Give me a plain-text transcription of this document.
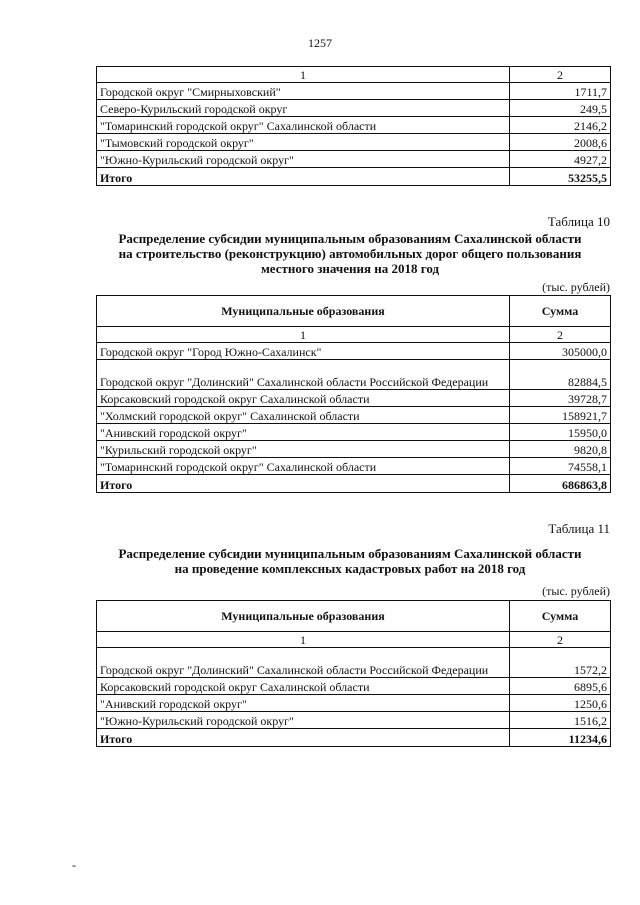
1257
1	2
Городской округ "Смирныховский"	1711,7
Северо-Курильский городской округ	249,5
"Томаринский городской округ" Сахалинской области	2146,2
"Тымовский городской округ"	2008,6
"Южно-Курильский городской округ"	4927,2
Итого	53255,5
Таблица 10
Распределение субсидии муниципальным образованиям Сахалинской области
на строительство (реконструкцию) автомобильных дорог общего пользования
местного значения на 2018 год
(тыс. рублей)
Муниципальные образования	Сумма
1	2
Городской округ "Город Южно-Сахалинск"	305000,0
Городской округ "Долинский" Сахалинской области Российской Федерации	82884,5
Корсаковский городской округ Сахалинской области	39728,7
"Холмский городской округ" Сахалинской области	158921,7
"Анивский городской округ"	15950,0
"Курильский городской округ"	9820,8
"Томаринский городской округ" Сахалинской области	74558,1
Итого	686863,8
Таблица 11
Распределение субсидии муниципальным образованиям Сахалинской области
на проведение комплексных кадастровых работ на 2018 год
(тыс. рублей)
Муниципальные образования	Сумма
1	2
Городской округ "Долинский" Сахалинской области Российской Федерации	1572,2
Корсаковский городской округ Сахалинской области	6895,6
"Анивский городской округ"	1250,6
"Южно-Курильский городской округ"	1516,2
Итого	11234,6
-
